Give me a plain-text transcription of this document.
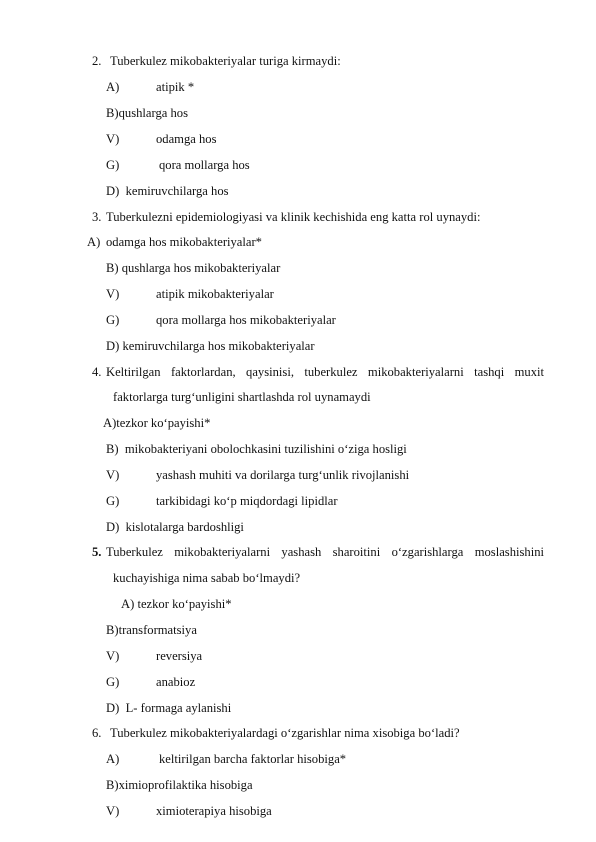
2. Tuberkulez mikobakteriyalar turiga kirmaydi:
A)	atipik *
B)qushlarga hos
V)	odamga hos
G)	qora mollarga hos
D) kemiruvchilarga hos
3. Tuberkulezni epidemiologiyasi va klinik kechishida eng katta rol uynaydi:
A) odamga hos mikobakteriyalar*
B) qushlarga hos mikobakteriyalar
V)	atipik mikobakteriyalar
G)	qora mollarga hos mikobakteriyalar
D) kemiruvchilarga hos mikobakteriyalar
4. Keltirilgan faktorlardan, qaysinisi, tuberkulez mikobakteriyalarni tashqi muxit
faktorlarga turg‘unligini shartlashda rol uynamaydi
A)tezkor ko‘payishi*
B) mikobakteriyani obolochkasini tuzilishini o‘ziga hosligi
V)	yashash muhiti va dorilarga turg‘unlik rivojlanishi
G)	tarkibidagi ko‘p miqdordagi lipidlar
D) kislotalarga bardoshligi
5. Tuberkulez mikobakteriyalarni yashash sharoitini o‘zgarishlarga moslashishini
kuchayishiga nima sabab bo‘lmaydi?
A) tezkor ko‘payishi*
B)transformatsiya
V)	reversiya
G)	anabioz
D) L- formaga aylanishi
6. Tuberkulez mikobakteriyalardagi o‘zgarishlar nima xisobiga bo‘ladi?
A)	keltirilgan barcha faktorlar hisobiga*
B)ximioprofilaktika hisobiga
V)	ximioterapiya hisobiga
